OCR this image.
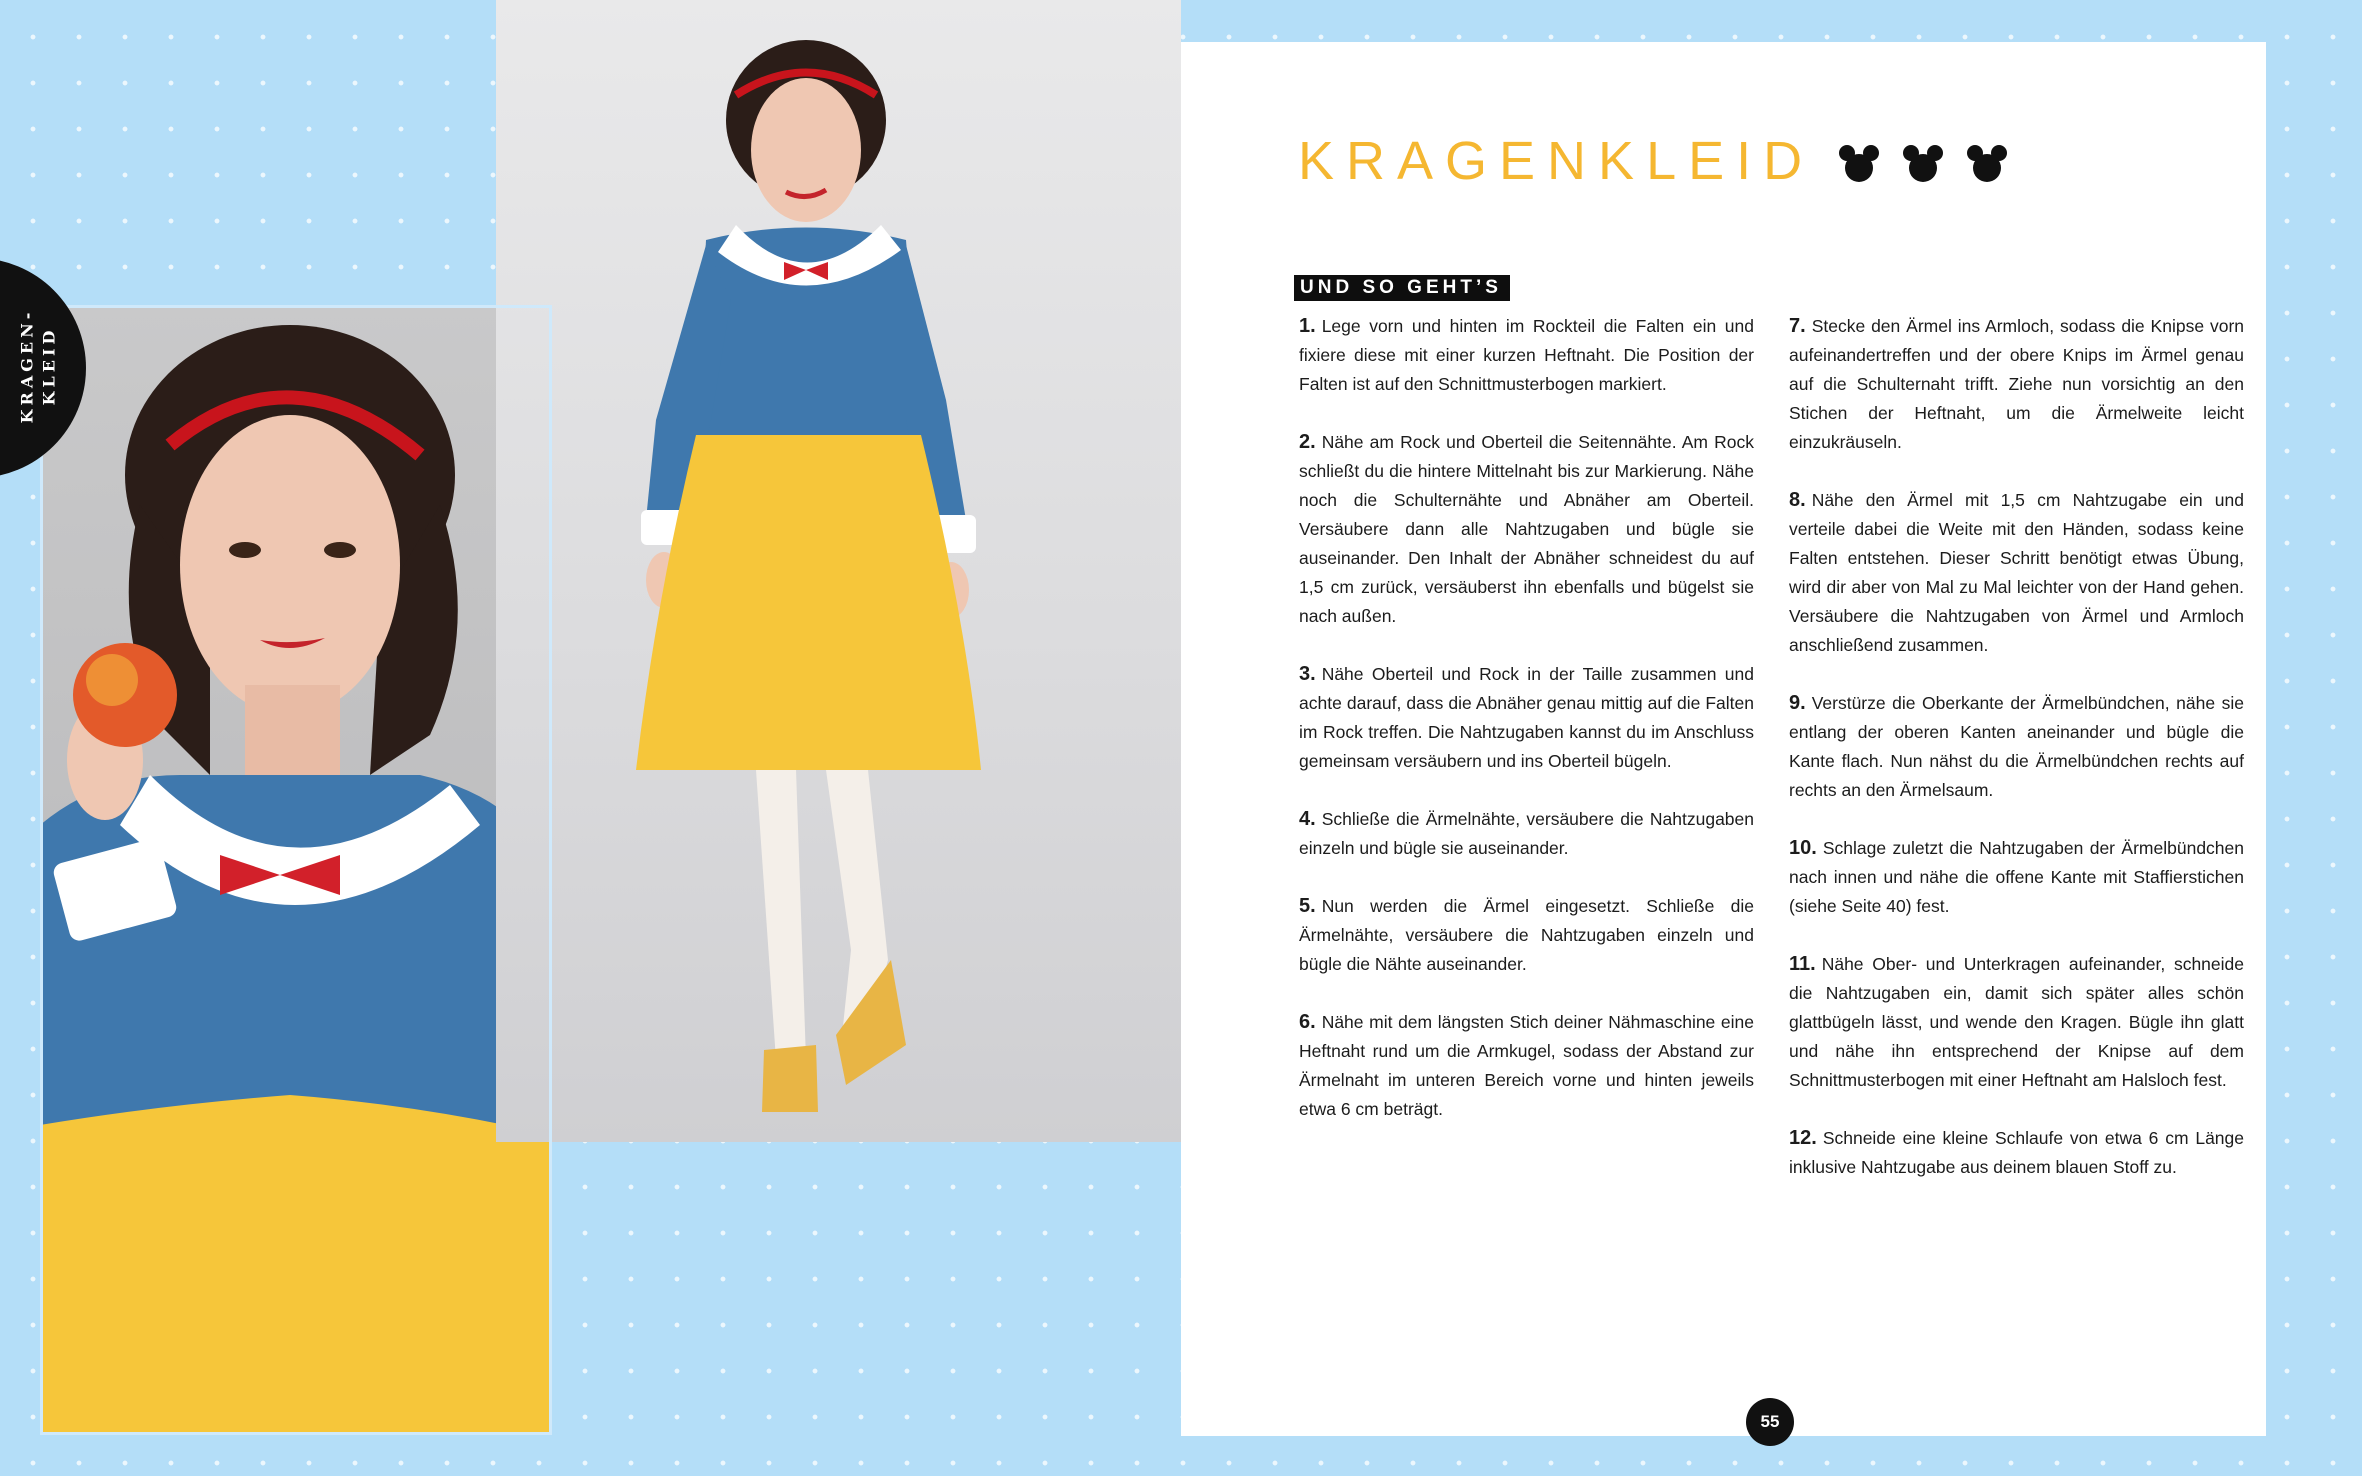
KRAGEN-
KLEID
KRAGENKLEID
UND SO GEHT’S

1. Lege vorn und hinten im Rockteil die Falten ein und fixiere diese mit einer kurzen Heftnaht. Die Position der Falten ist auf den Schnittmusterbogen markiert.

2. Nähe am Rock und Oberteil die Seitennähte. Am Rock schließt du die hintere Mittelnaht bis zur Markierung. Nähe noch die Schulternähte und Abnäher am Oberteil. Versäubere dann alle Nahtzugaben und bügle sie auseinander. Den Inhalt der Abnäher schneidest du auf 1,5 cm zurück, versäuberst ihn ebenfalls und bügelst sie nach außen.

3. Nähe Oberteil und Rock in der Taille zusammen und achte darauf, dass die Abnäher genau mittig auf die Falten im Rock treffen. Die Nahtzugaben kannst du im Anschluss gemeinsam versäubern und ins Oberteil bügeln.

4. Schließe die Ärmelnähte, versäubere die Nahtzugaben einzeln und bügle sie auseinander.

5. Nun werden die Ärmel eingesetzt. Schließe die Ärmelnähte, versäubere die Nahtzugaben einzeln und bügle die Nähte auseinander.

6. Nähe mit dem längsten Stich deiner Nähmaschine eine Heftnaht rund um die Armkugel, sodass der Abstand zur Ärmelnaht im unteren Bereich vorne und hinten jeweils etwa 6 cm beträgt.

7. Stecke den Ärmel ins Armloch, sodass die Knipse vorn aufeinandertreffen und der obere Knips im Ärmel genau auf die Schulternaht trifft. Ziehe nun vorsichtig an den Stichen der Heftnaht, um die Ärmelweite leicht einzukräuseln.

8. Nähe den Ärmel mit 1,5 cm Nahtzugabe ein und verteile dabei die Weite mit den Händen, sodass keine Falten entstehen. Dieser Schritt benötigt etwas Übung, wird dir aber von Mal zu Mal leichter von der Hand gehen. Versäubere die Nahtzugaben von Ärmel und Armloch anschließend zusammen.

9. Verstürze die Oberkante der Ärmelbündchen, nähe sie entlang der oberen Kanten aneinander und bügle die Kante flach. Nun nähst du die Ärmelbündchen rechts auf rechts an den Ärmelsaum.

10. Schlage zuletzt die Nahtzugaben der Ärmelbündchen nach innen und nähe die offene Kante mit Staffierstichen (siehe Seite 40) fest.

11. Nähe Ober- und Unterkragen aufeinander, schneide die Nahtzugaben ein, damit sich später alles schön glattbügeln lässt, und wende den Kragen. Bügle ihn glatt und nähe ihn entsprechend der Knipse auf dem Schnittmusterbogen mit einer Heftnaht am Halsloch fest.

12. Schneide eine kleine Schlaufe von etwa 6 cm Länge inklusive Nahtzugabe aus deinem blauen Stoff zu.

55
